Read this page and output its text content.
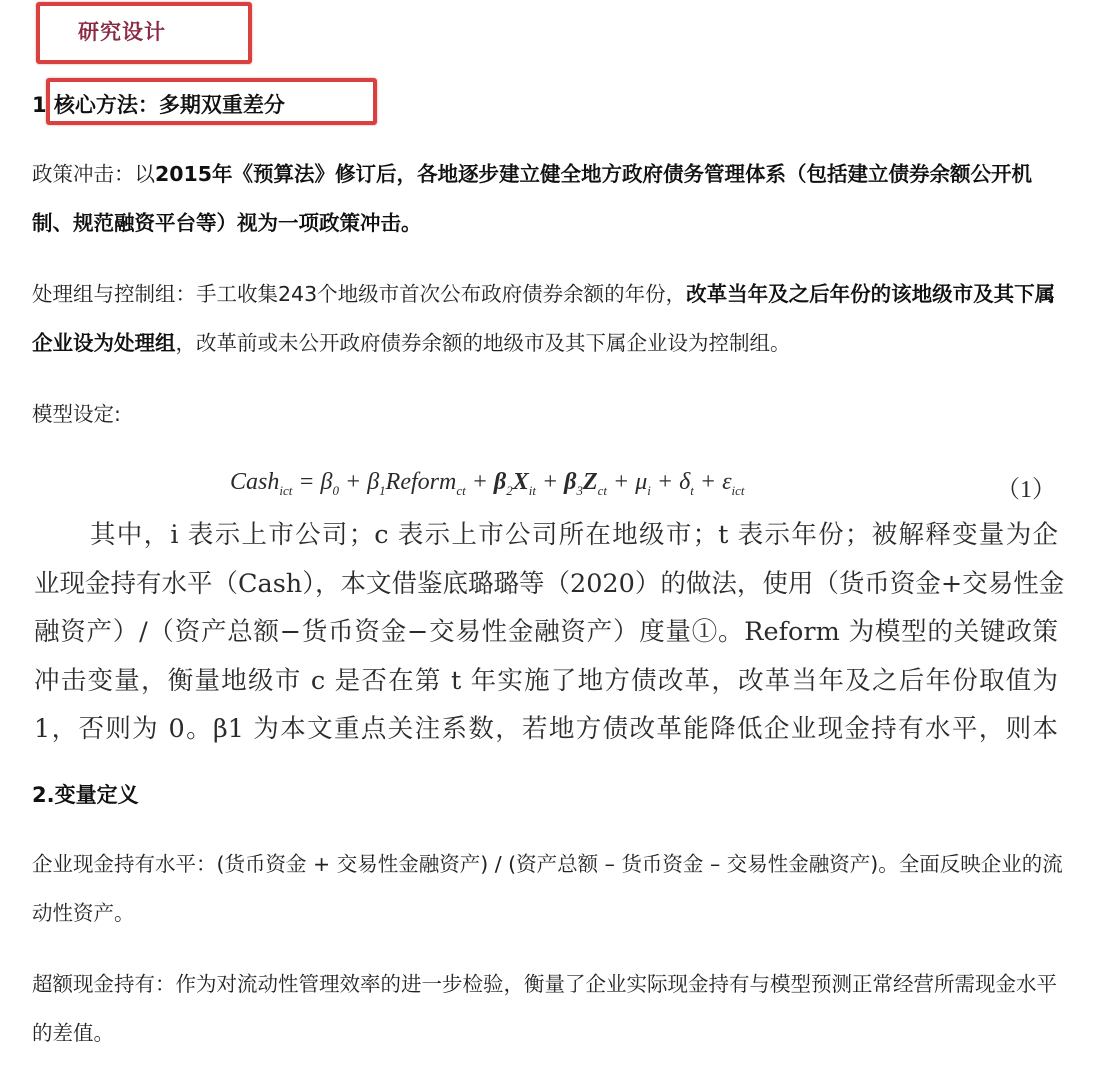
研究设计
1 核心方法：多期双重差分
政策冲击：以2015年《预算法》修订后，各地逐步建立健全地方政府债务管理体系（包括建立债券余额公开机制、规范融资平台等）视为一项政策冲击。
处理组与控制组：手工收集243个地级市首次公布政府债券余额的年份，改革当年及之后年份的该地级市及其下属企业设为处理组，改革前或未公开政府债券余额的地级市及其下属企业设为控制组。
模型设定:
Cash$_{ict}$ = $\beta_0$ + $\beta_1Reform_{ct} + \beta_2X_{it} + \beta_3Z_{ct} + \mu_i + \delta_t + \varepsilon_{ict}$	（1）
其中，i 表示上市公司；c 表示上市公司所在地级市；t 表示年份；被解释变量为企
业现金持有水平（Cash），本文借鉴底璐璐等（2020）的做法，使用（货币资金+交易性金
融资产）/（资产总额−货币资金−交易性金融资产）度量①。Reform 为模型的关键政策
冲击变量，衡量地级市 c 是否在第 t 年实施了地方债改革，改革当年及之后年份取值为
1，否则为 0。β1 为本文重点关注系数，若地方债改革能降低企业现金持有水平，则本
2.变量定义
企业现金持有水平：(货币资金 + 交易性金融资产) / (资产总额 – 货币资金 – 交易性金融资产)。全面反映企业的流动性资产。
超额现金持有：作为对流动性管理效率的进一步检验，衡量了企业实际现金持有与模型预测正常经营所需现金水平的差值。
